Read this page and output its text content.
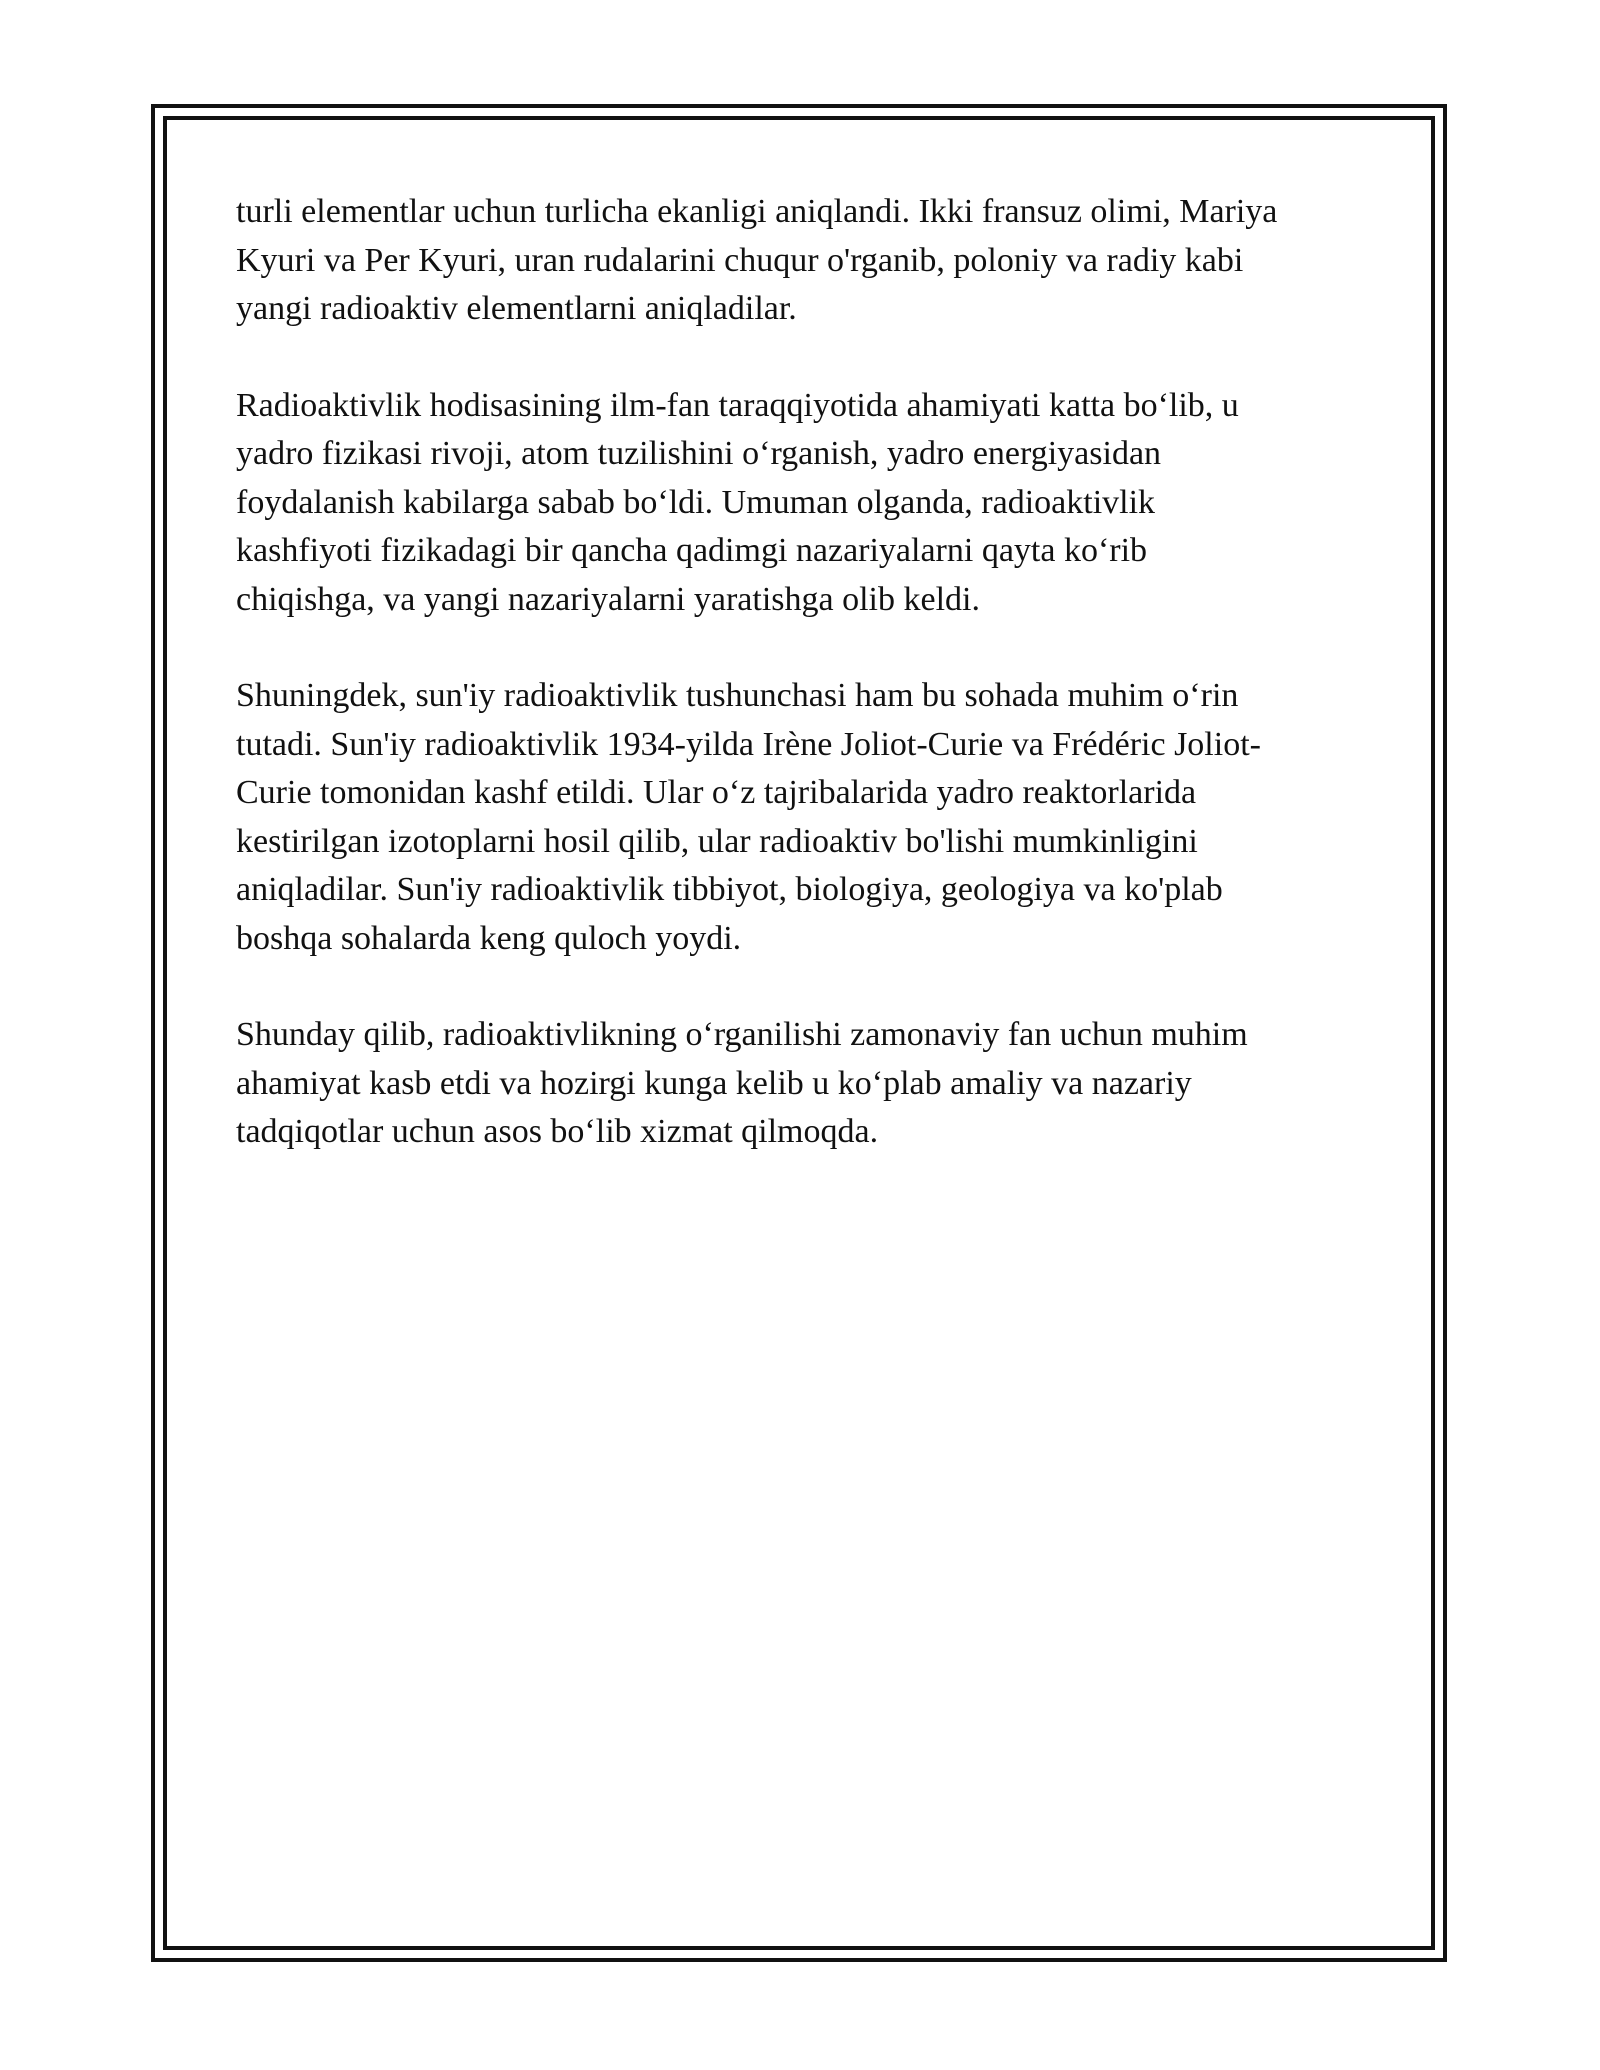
turli elementlar uchun turlicha ekanligi aniqlandi. Ikki fransuz olimi, Mariya
Kyuri va Per Kyuri, uran rudalarini chuqur o'rganib, poloniy va radiy kabi
yangi radioaktiv elementlarni aniqladilar.

Radioaktivlik hodisasining ilm-fan taraqqiyotida ahamiyati katta boʻlib, u
yadro fizikasi rivoji, atom tuzilishini oʻrganish, yadro energiyasidan
foydalanish kabilarga sabab boʻldi. Umuman olganda, radioaktivlik
kashfiyoti fizikadagi bir qancha qadimgi nazariyalarni qayta koʻrib
chiqishga, va yangi nazariyalarni yaratishga olib keldi.

Shuningdek, sun'iy radioaktivlik tushunchasi ham bu sohada muhim oʻrin
tutadi. Sun'iy radioaktivlik 1934-yilda Irène Joliot-Curie va Frédéric Joliot-
Curie tomonidan kashf etildi. Ular oʻz tajribalarida yadro reaktorlarida
kestirilgan izotoplarni hosil qilib, ular radioaktiv bo'lishi mumkinligini
aniqladilar. Sun'iy radioaktivlik tibbiyot, biologiya, geologiya va ko'plab
boshqa sohalarda keng quloch yoydi.

Shunday qilib, radioaktivlikning oʻrganilishi zamonaviy fan uchun muhim
ahamiyat kasb etdi va hozirgi kunga kelib u koʻplab amaliy va nazariy
tadqiqotlar uchun asos boʻlib xizmat qilmoqda.
